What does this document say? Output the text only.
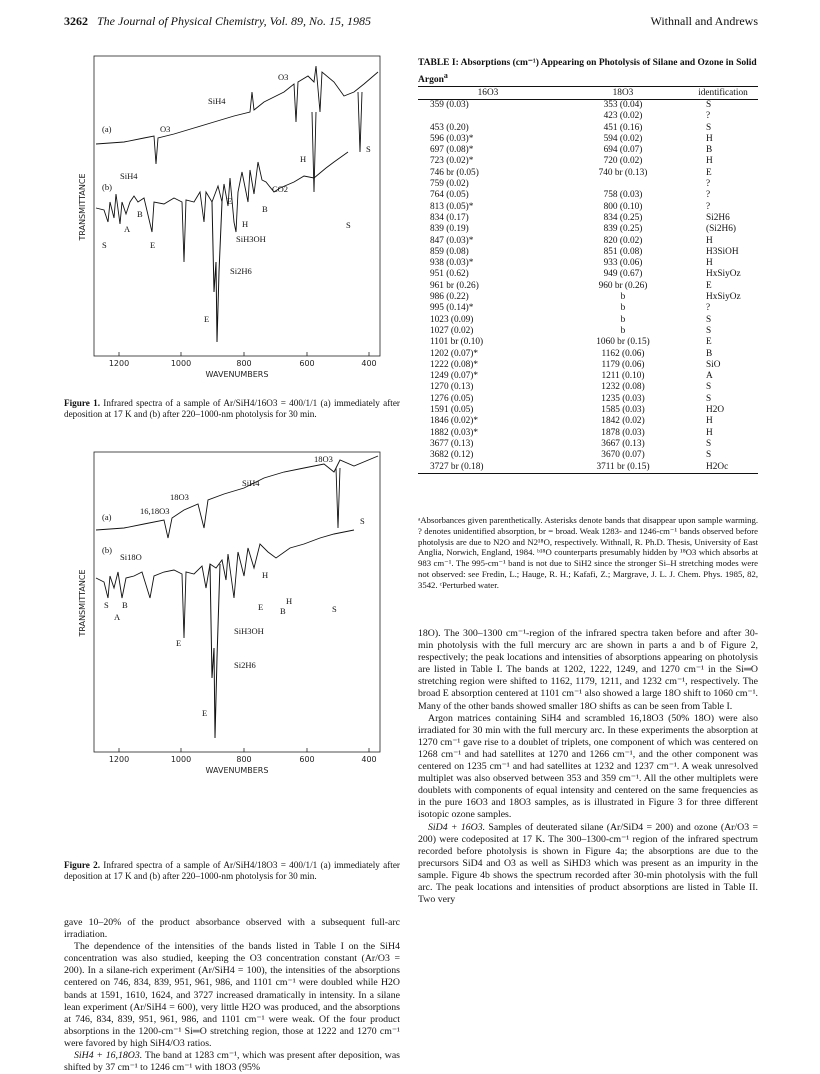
3262 The Journal of Physical Chemistry, Vol. 89, No. 15, 1985	Withnall and Andrews
1200	1000	800	600	400
WAVENUMBERS
TRANSMITTANCE
(a)
(b)
O3
SiH4
O3
SiH4
S
S
S
B
A
E
E
E
H
H
CO2
B
SiH3OH
Si2H6
Figure 1. Infrared spectra of a sample of Ar/SiH4/16O3 = 400/1/1 (a) immediately after deposition at 17 K and (b) after 220–1000-nm photolysis for 30 min.
1200	1000	800	600	400
WAVENUMBERS
TRANSMITTANCE
(a)
(b)
16,18O3
18O3
SiH4
18O3
Si18O
S
S
S B
A
E
E
E
H
H
B
SiH3OH
Si2H6
Figure 2. Infrared spectra of a sample of Ar/SiH4/18O3 = 400/1/1 (a) immediately after deposition at 17 K and (b) after 220–1000-nm photolysis for 30 min.

gave 10–20% of the product absorbance observed with a subsequent full-arc irradiation.

The dependence of the intensities of the bands listed in Table I on the SiH4 concentration was also studied, keeping the O3 concentration constant (Ar/O3 = 200). In a silane-rich experiment (Ar/SiH4 = 100), the intensities of the absorptions centered on 746, 834, 839, 951, 961, 986, and 1101 cm⁻¹ were doubled while H2O bands at 1591, 1610, 1624, and 3727 increased dramatically in intensity. In a silane lean experiment (Ar/SiH4 = 600), very little H2O was produced, and the absorptions at 746, 834, 839, 951, 961, 986, and 1101 cm⁻¹ were weak. Of the four product absorptions in the 1200-cm⁻¹ Si═O stretching region, those at 1222 and 1270 cm⁻¹ were favored by high SiH4/O3 ratios.

SiH4 + 16,18O3. The band at 1283 cm⁻¹, which was present after deposition, was shifted by 37 cm⁻¹ to 1246 cm⁻¹ with 18O3 (95%

TABLE I: Absorptions (cm⁻¹) Appearing on Photolysis of Silane and Ozone in Solid Argon$^a$
16O3	18O3	identification
359 (0.03)	353 (0.04)	S
	423 (0.02)	?
453 (0.20)	451 (0.16)	S
596 (0.03)*	594 (0.02)	H
697 (0.08)*	694 (0.07)	B
723 (0.02)*	720 (0.02)	H
746 br (0.05)	740 br (0.13)	E
759 (0.02)		?
764 (0.05)	758 (0.03)	?
813 (0.05)*	800 (0.10)	?
834 (0.17)	834 (0.25)	Si2H6
839 (0.19)	839 (0.25)	(Si2H6)
847 (0.03)*	820 (0.02)	H
859 (0.08)	851 (0.08)	H3SiOH
938 (0.03)*	933 (0.06)	H
951 (0.62)	949 (0.67)	HxSiyOz
961 br (0.26)	960 br (0.26)	E
986 (0.22)	b	HxSiyOz
995 (0.14)*	b	?
1023 (0.09)	b	S
1027 (0.02)	b	S
1101 br (0.10)	1060 br (0.15)	E
1202 (0.07)*	1162 (0.06)	B
1222 (0.08)*	1179 (0.06)	SiO
1249 (0.07)*	1211 (0.10)	A
1270 (0.13)	1232 (0.08)	S
1276 (0.05)	1235 (0.03)	S
1591 (0.05)	1585 (0.03)	H2O
1846 (0.02)*	1842 (0.02)	H
1882 (0.03)*	1878 (0.03)	H
3677 (0.13)	3667 (0.13)	S
3682 (0.12)	3670 (0.07)	S
3727 br (0.18)	3711 br (0.15)	H2Oc
ᵃAbsorbances given parenthetically. Asterisks denote bands that disappear upon sample warming. ? denotes unidentified absorption, br = broad. Weak 1283- and 1246-cm⁻¹ bands observed before photolysis are due to N2O and N2¹⁸O, respectively. Withnall, R. Ph.D. Thesis, University of East Anglia, Norwich, England, 1984. ᵇ¹⁸O counterparts presumably hidden by ¹⁸O3 which absorbs at 983 cm⁻¹. The 995-cm⁻¹ band is not due to SiH2 since the stronger Si–H stretching modes were not observed: see Fredin, L.; Hauge, R. H.; Kafafi, Z.; Margrave, J. L. J. Chem. Phys. 1985, 82, 3542. ᶜPerturbed water.

18O). The 300–1300 cm⁻¹-region of the infrared spectra taken before and after 30-min photolysis with the full mercury arc are shown in parts a and b of Figure 2, respectively; the peak locations and intensities of absorptions appearing on photolysis are listed in Table I. The bands at 1202, 1222, 1249, and 1270 cm⁻¹ in the Si═O stretching region were shifted to 1162, 1179, 1211, and 1232 cm⁻¹, respectively. The broad E absorption centered at 1101 cm⁻¹ also showed a large 18O shift to 1060 cm⁻¹. Many of the other bands showed smaller 18O shifts as can be seen from Table I.

Argon matrices containing SiH4 and scrambled 16,18O3 (50% 18O) were also irradiated for 30 min with the full mercury arc. In these experiments the absorption at 1270 cm⁻¹ gave rise to a doublet of triplets, one component of which was centered on 1268 cm⁻¹ and had satellites at 1270 and 1266 cm⁻¹, and the other component was centered on 1235 cm⁻¹ and had satellites at 1232 and 1237 cm⁻¹. A weak unresolved multiplet was also observed between 353 and 359 cm⁻¹. All the other multiplets were doublets with components of equal intensity and centered on the same frequencies as in the pure 16O3 and 18O3 samples, as is illustrated in Figure 3 for three different isotopic ozone samples.

SiD4 + 16O3. Samples of deuterated silane (Ar/SiD4 = 200) and ozone (Ar/O3 = 200) were codeposited at 17 K. The 300–1300-cm⁻¹ region of the infrared spectrum recorded before photolysis is shown in Figure 4a; the absorptions are due to the precursors SiD4 and O3 as well as SiHD3 which was present as an impurity in the sample. Figure 4b shows the spectrum recorded after 30-min photolysis with the full arc. The peak locations and intensities of product absorptions are listed in Table II. Two very
